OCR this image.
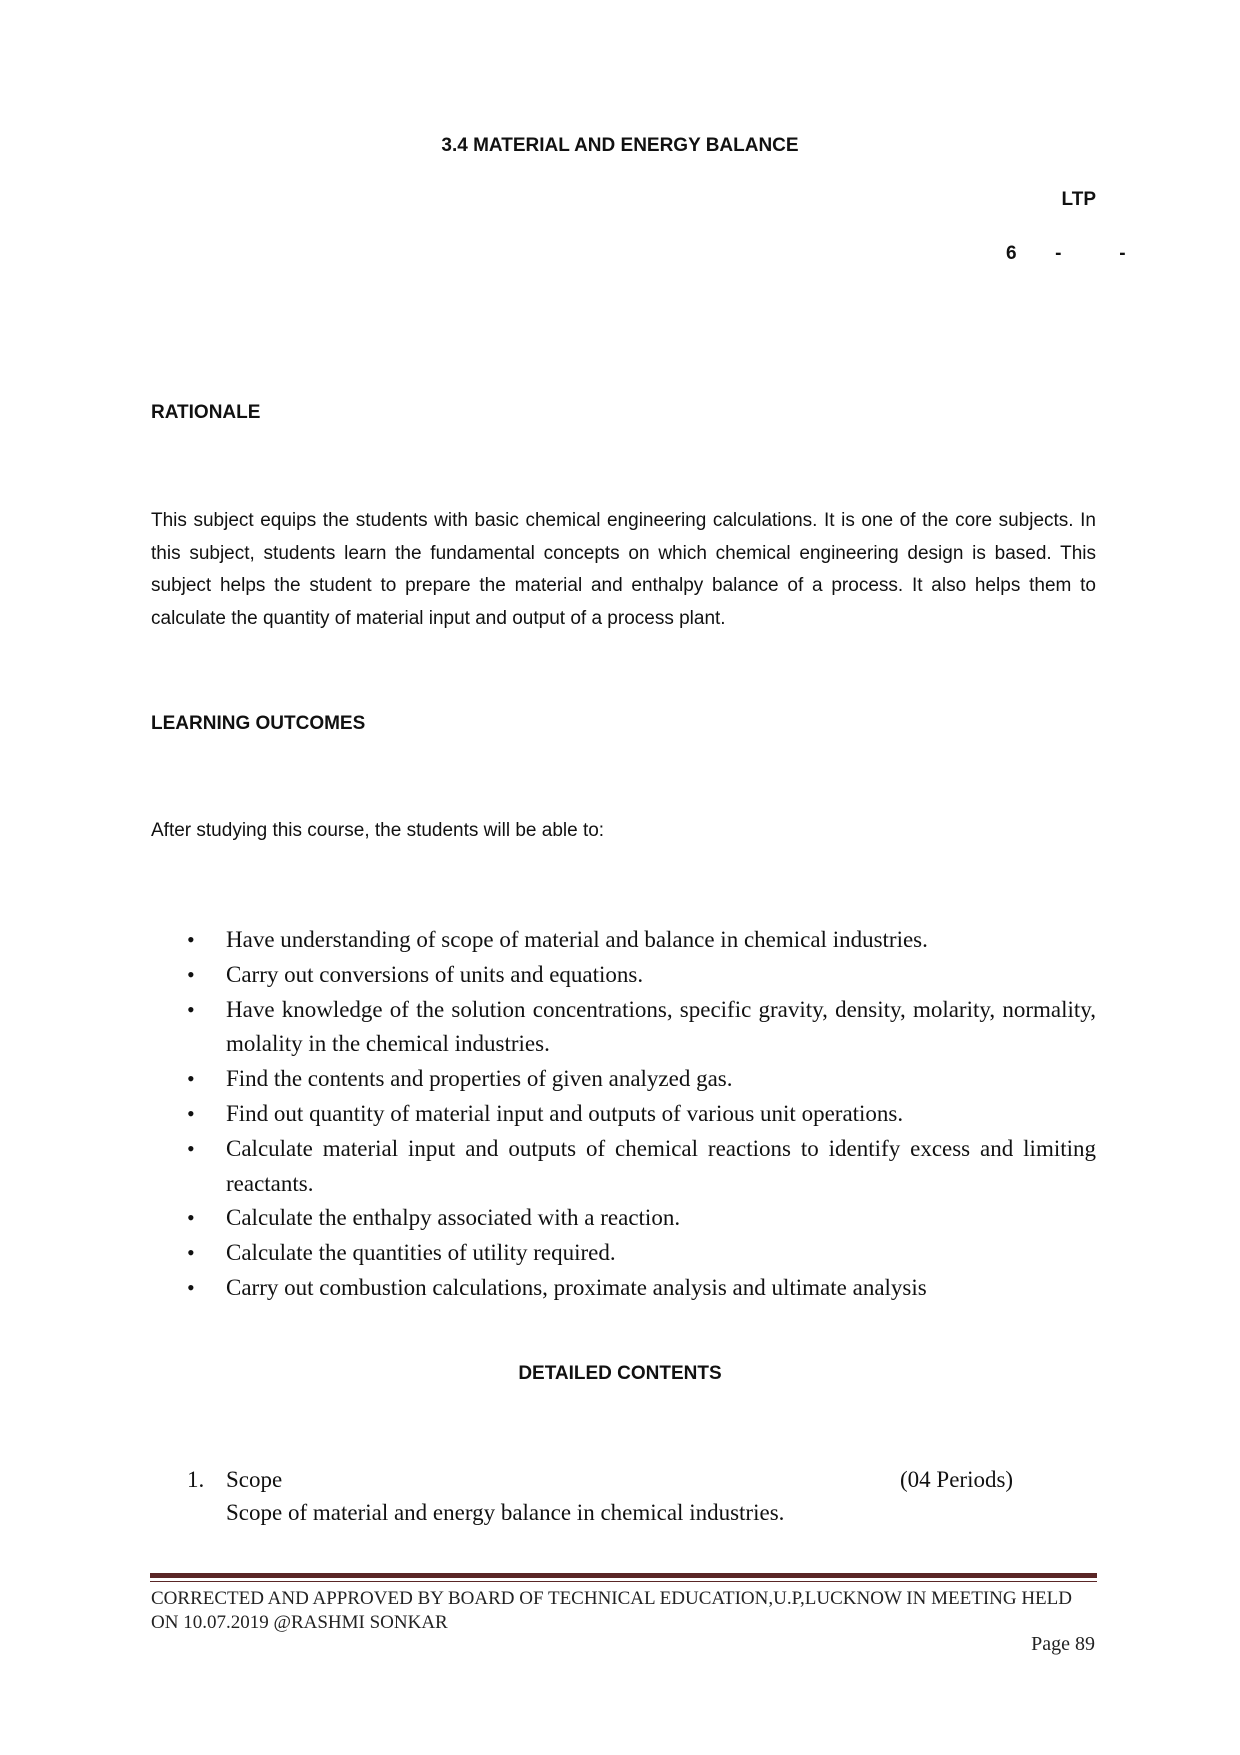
3.4 MATERIAL AND ENERGY BALANCE
LTP
6  -   -
RATIONALE
This subject equips the students with basic chemical engineering calculations. It is one of the core subjects. In this subject, students learn the fundamental concepts on which chemical engineering design is based. This subject helps the student to prepare the material and enthalpy balance of a process. It also helps them to calculate the quantity of material input and output of a process plant.
LEARNING OUTCOMES
After studying this course, the students will be able to:
• Have understanding of scope of material and balance in chemical industries.
• Carry out conversions of units and equations.
• Have knowledge of the solution concentrations, specific gravity, density, molarity, normality, molality in the chemical industries.
• Find the contents and properties of given analyzed gas.
• Find out quantity of material input and outputs of various unit operations.
• Calculate material input and outputs of chemical reactions to identify excess and limiting reactants.
• Calculate the enthalpy associated with a reaction.
• Calculate the quantities of utility required.
• Carry out combustion calculations, proximate analysis and ultimate analysis
DETAILED CONTENTS
1. Scope	(04 Periods)
Scope of material and energy balance in chemical industries.
CORRECTED AND APPROVED BY BOARD OF TECHNICAL EDUCATION,U.P,LUCKNOW IN MEETING HELD ON 10.07.2019 @RASHMI SONKAR
Page 89
